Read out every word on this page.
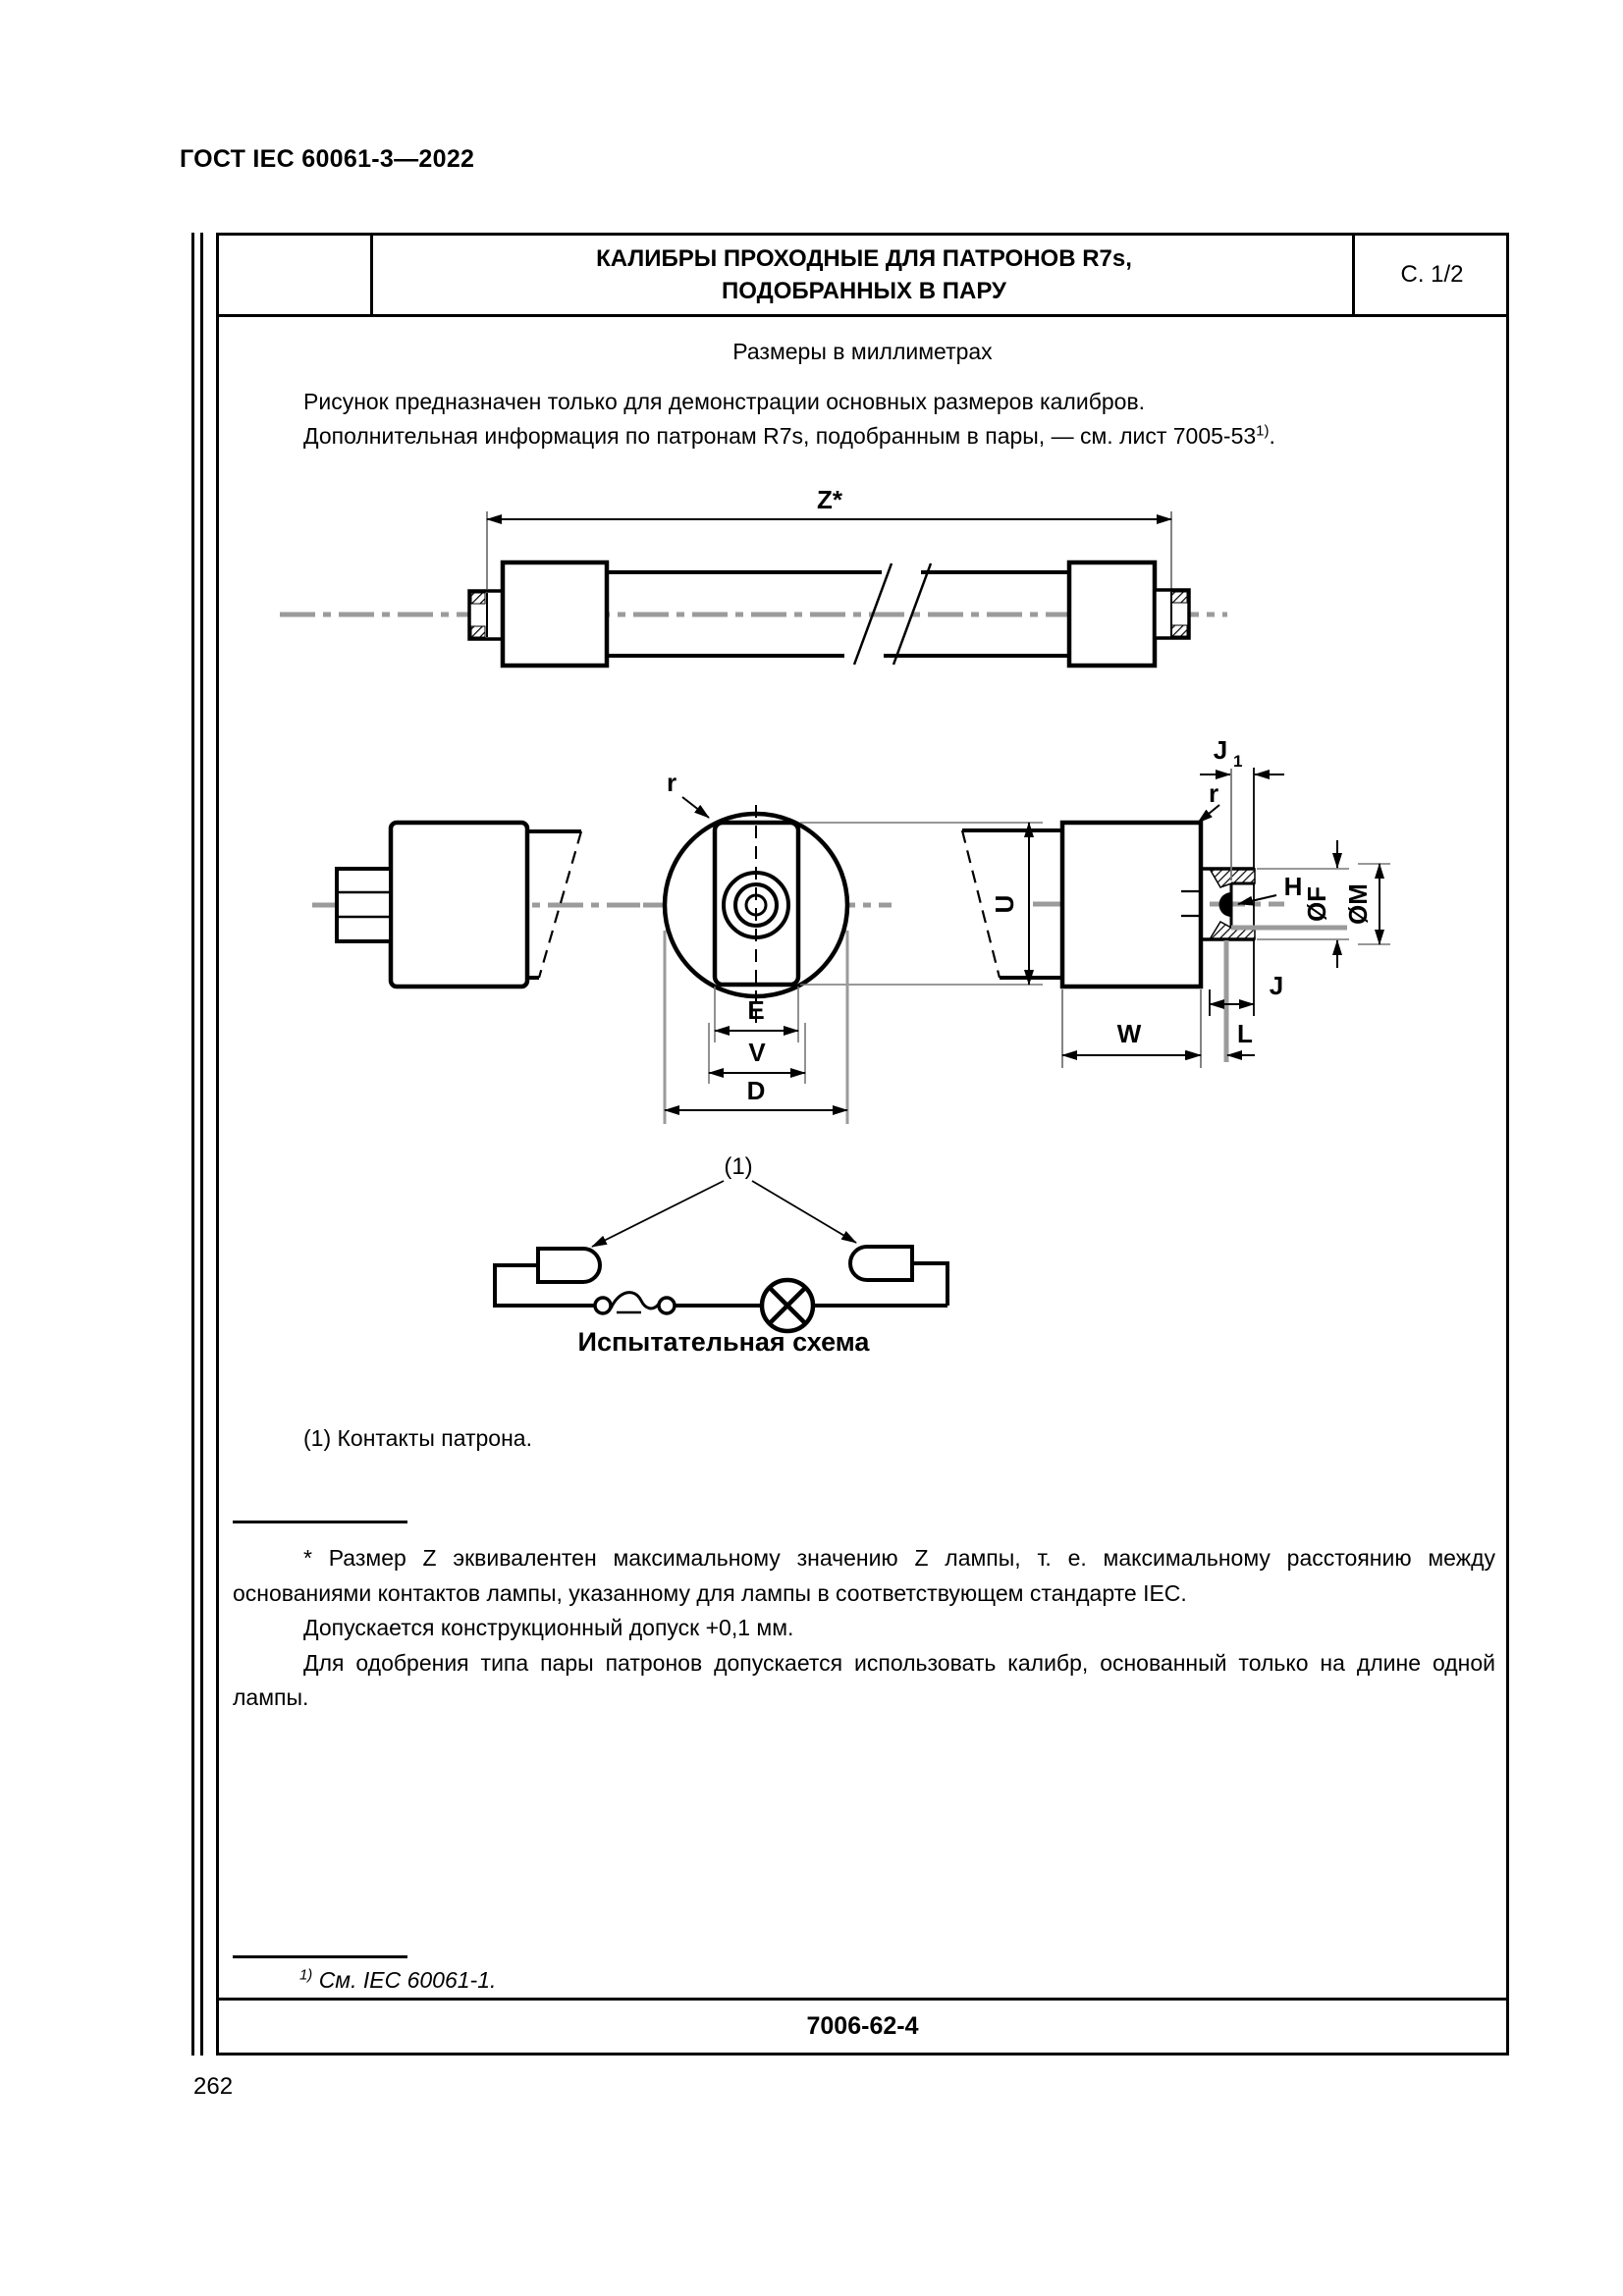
ГОСТ IEC 60061-3—2022
КАЛИБРЫ ПРОХОДНЫЕ ДЛЯ ПАТРОНОВ R7s,
ПОДОБРАННЫХ В ПАРУ
С. 1/2
7006-62-4
Размеры в миллиметрах

Рисунок предназначен только для демонстрации основных размеров калибров.

Дополнительная информация по патронам R7s, подобранным в пары, — см. лист 7005-53$^{1)}$.

Z*
r
U
E
V
D
J 1
r
H ØF ØM
J
W	L
(1)
Испытательная схема
(1) Контакты патрона.

* Размер Z эквивалентен максимальному значению Z лампы, т. е. максимальному расстоянию между основаниями контактов лампы, указанному для лампы в соответствующем стандарте IEC.

Допускается конструкционный допуск +0,1 мм.

Для одобрения типа пары патронов допускается использовать калибр, основанный только на длине одной лампы.

$^{1)}$ См. IEC 60061-1.
262
